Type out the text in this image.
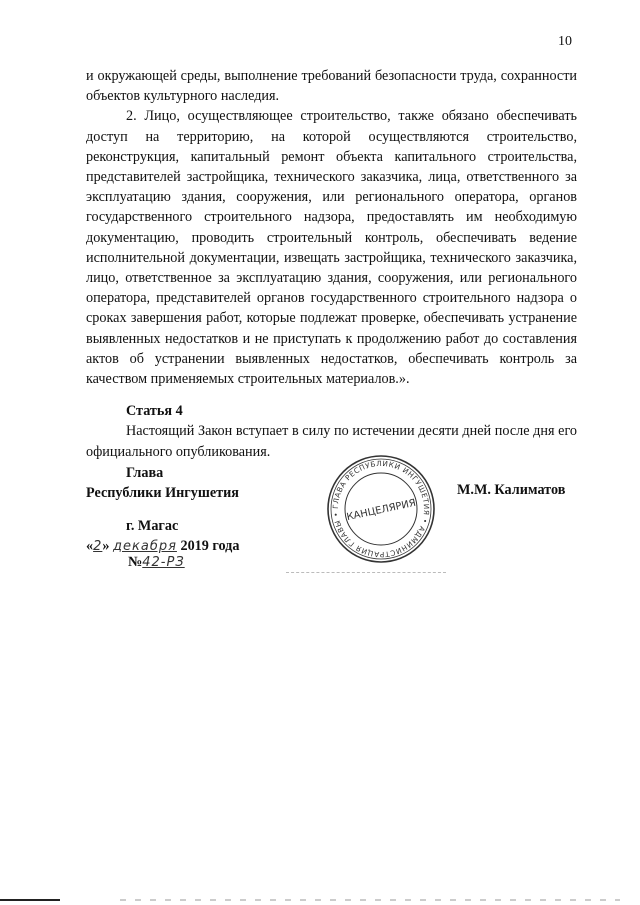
10

и окружающей среды, выполнение требований безопасности труда, сохранности объектов культурного наследия.

2. Лицо, осуществляющее строительство, также обязано обеспечивать доступ на территорию, на которой осуществляются строительство, реконструкция, капитальный ремонт объекта капитального строительства, представителей застройщика, технического заказчика, лица, ответственного за эксплуатацию здания, сооружения, или регионального оператора, органов государственного строительного надзора, предоставлять им необходимую документацию, проводить строительный контроль, обеспечивать ведение исполнительной документации, извещать застройщика, технического заказчика, лицо, ответственное за эксплуатацию здания, сооружения, или регионального оператора, представителей органов государственного строительного надзора о сроках завершения работ, которые подлежат проверке, обеспечивать устранение выявленных недостатков и не приступать к продолжению работ до составления актов об устранении выявленных недостатков, обеспечивать контроль за качеством применяемых строительных материалов.».

Статья 4

Настоящий Закон вступает в силу по истечении десяти дней после дня его официального опубликования.

Глава
Республики Ингушетия
ГЛАВА РЕСПУБЛИКИ ИНГУШЕТИЯ • АДМИНИСТРАЦИЯ ГЛАВЫ • КАНЦЕЛЯРИЯ
М.М. Калиматов
г. Магас
«2» декабря 2019 года
№42-РЗ
